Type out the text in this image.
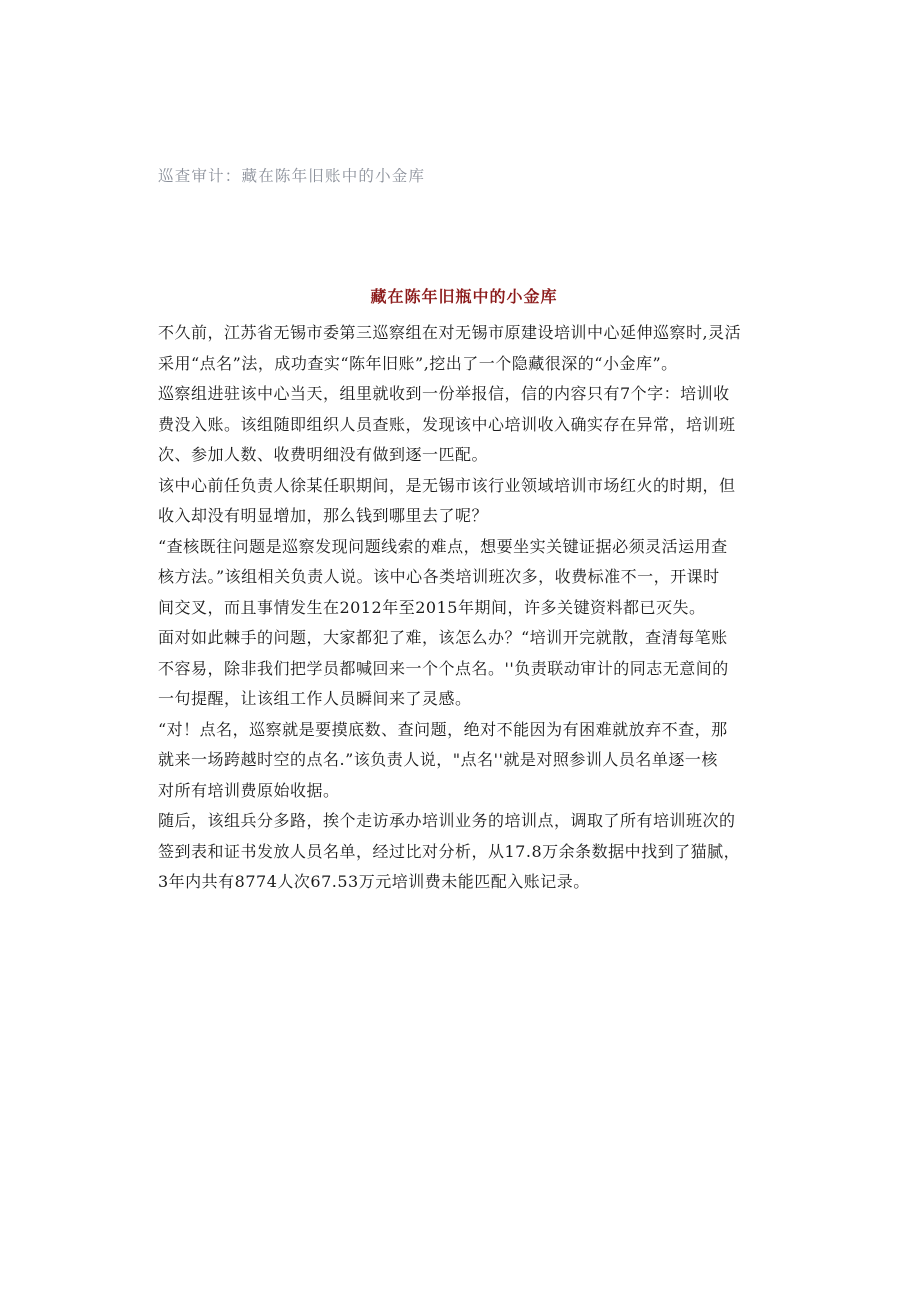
巡查审计：藏在陈年旧账中的小金库
藏在陈年旧瓶中的小金库

不久前，江苏省无锡市委第三巡察组在对无锡市原建设培训中心延伸巡察时,灵活
采用“点名”法，成功查实“陈年旧账”,挖出了一个隐藏很深的“小金库”。

巡察组进驻该中心当天，组里就收到一份举报信，信的内容只有7个字：培训收
费没入账。该组随即组织人员查账，发现该中心培训收入确实存在异常，培训班
次、参加人数、收费明细没有做到逐一匹配。

该中心前任负责人徐某任职期间，是无锡市该行业领域培训市场红火的时期，但
收入却没有明显增加，那么钱到哪里去了呢？

“查核既往问题是巡察发现问题线索的难点，想要坐实关键证据必须灵活运用查
核方法。”该组相关负责人说。该中心各类培训班次多，收费标准不一，开课时
间交叉，而且事情发生在2012年至2015年期间，许多关键资料都已灭失。

面对如此棘手的问题，大家都犯了难，该怎么办？“培训开完就散，查清每笔账
不容易，除非我们把学员都喊回来一个个点名。''负责联动审计的同志无意间的
一句提醒，让该组工作人员瞬间来了灵感。

“对！点名，巡察就是要摸底数、查问题，绝对不能因为有困难就放弃不查，那
就来一场跨越时空的点名.”该负责人说，"点名''就是对照参训人员名单逐一核
对所有培训费原始收据。

随后，该组兵分多路，挨个走访承办培训业务的培训点，调取了所有培训班次的
签到表和证书发放人员名单，经过比对分析，从17.8万余条数据中找到了猫腻，
3年内共有8774人次67.53万元培训费未能匹配入账记录。
